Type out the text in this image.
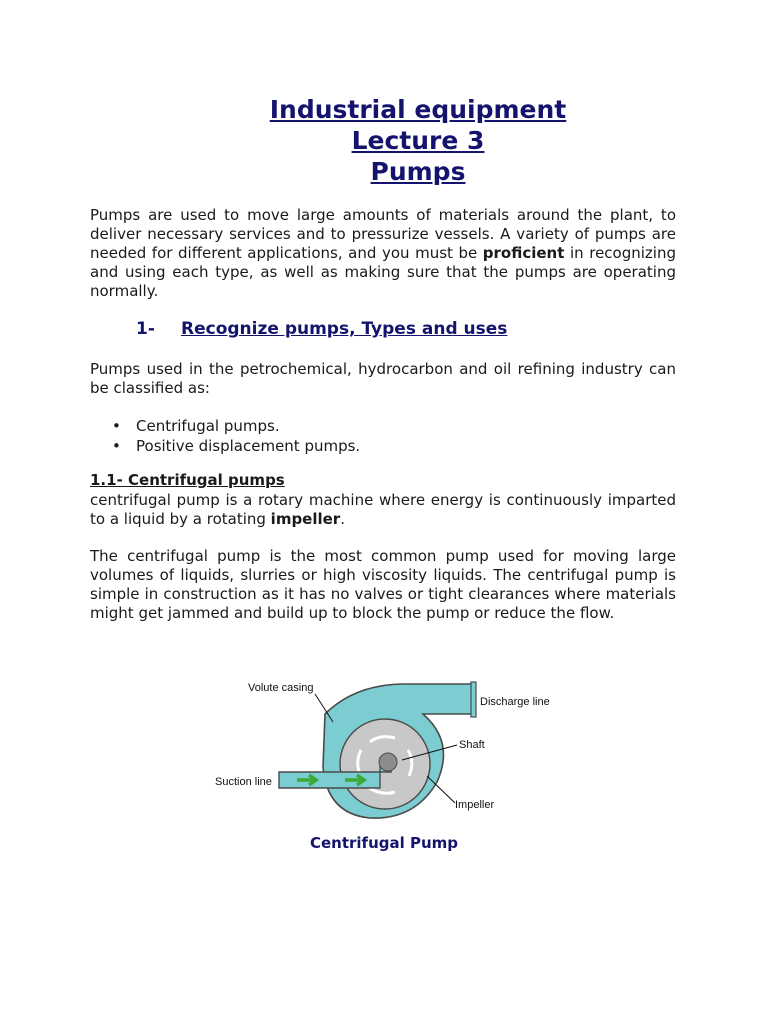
Industrial equipment
Lecture 3
Pumps
Pumps are used to move large amounts of materials around the plant, to deliver necessary services and to pressurize vessels. A variety of pumps are needed for different applications, and you must be proficient in recognizing and using each type, as well as making sure that the pumps are operating normally.
1- Recognize pumps, Types and uses
Pumps used in the petrochemical, hydrocarbon and oil refining industry can be classified as:
• Centrifugal pumps.
• Positive displacement pumps.
1.1- Centrifugal pumps
centrifugal pump is a rotary machine where energy is continuously imparted to a liquid by a rotating impeller.
The centrifugal pump is the most common pump used for moving large volumes of liquids, slurries or high viscosity liquids. The centrifugal pump is simple in construction as it has no valves or tight clearances where materials might get jammed and build up to block the pump or reduce the flow.
Volute casing
Discharge line
Shaft
Suction line
Impeller
Centrifugal Pump
